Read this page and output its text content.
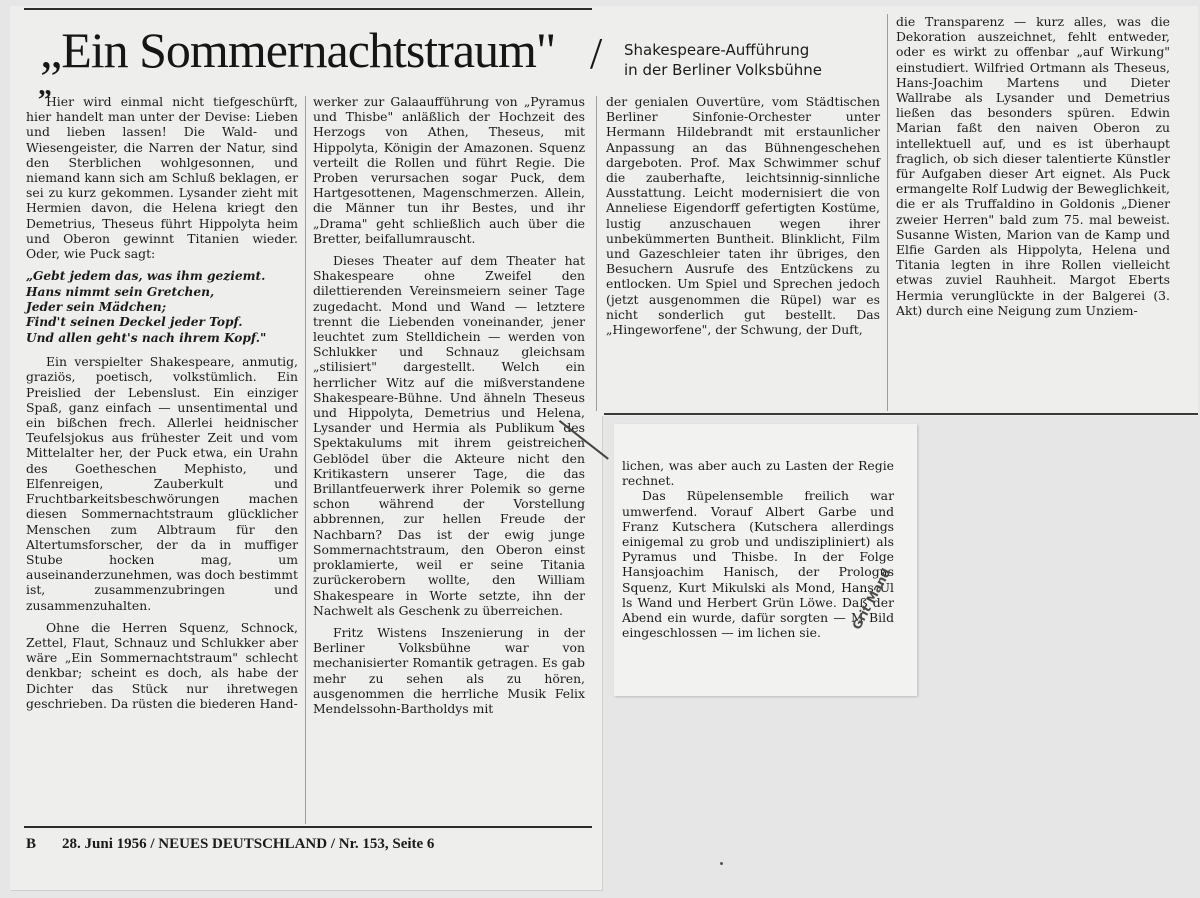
„Ein Sommernachtstraum" / Shakespeare-Aufführung
in der Berliner Volksbühne
„

Hier wird einmal nicht tiefgeschürft, hier handelt man unter der Devise: Lieben und lieben lassen! Die Wald- und Wiesengeister, die Narren der Natur, sind den Sterblichen wohlgesonnen, und niemand kann sich am Schluß beklagen, er sei zu kurz gekommen. Lysander zieht mit Hermien davon, die Helena kriegt den Demetrius, Theseus führt Hippolyta heim und Oberon gewinnt Titanien wieder. Oder, wie Puck sagt:

„Gebt jedem das, was ihm geziemt.
Hans nimmt sein Gretchen,
Jeder sein Mädchen;
Find't seinen Deckel jeder Topf.
Und allen geht's nach ihrem Kopf."

Ein verspielter Shakespeare, anmutig, graziös, poetisch, volkstümlich. Ein Preislied der Lebenslust. Ein einziger Spaß, ganz einfach — unsentimental und ein bißchen frech. Allerlei heidnischer Teufelsjokus aus frühester Zeit und vom Mittelalter her, der Puck etwa, ein Urahn des Goetheschen Mephisto, und Elfenreigen, Zauberkult und Fruchtbarkeitsbeschwörungen machen diesen Sommernachtstraum glücklicher Menschen zum Albtraum für den Altertumsforscher, der da in muffiger Stube hocken mag, um auseinanderzunehmen, was doch bestimmt ist, zusammenzubringen und zusammenzuhalten.

Ohne die Herren Squenz, Schnock, Zettel, Flaut, Schnauz und Schlukker aber wäre „Ein Sommernachtstraum" schlecht denkbar; scheint es doch, als habe der Dichter das Stück nur ihretwegen geschrieben. Da rüsten die biederen Hand-

werker zur Galaaufführung von „Pyramus und Thisbe" anläßlich der Hochzeit des Herzogs von Athen, Theseus, mit Hippolyta, Königin der Amazonen. Squenz verteilt die Rollen und führt Regie. Die Proben verursachen sogar Puck, dem Hartgesottenen, Magenschmerzen. Allein, die Männer tun ihr Bestes, und ihr „Drama" geht schließlich auch über die Bretter, beifallumrauscht.

Dieses Theater auf dem Theater hat Shakespeare ohne Zweifel den dilettierenden Vereinsmeiern seiner Tage zugedacht. Mond und Wand — letztere trennt die Liebenden voneinander, jener leuchtet zum Stelldichein — werden von Schlukker und Schnauz gleichsam „stilisiert" dargestellt. Welch ein herrlicher Witz auf die mißverstandene Shakespeare-Bühne. Und ähneln Theseus und Hippolyta, Demetrius und Helena, Lysander und Hermia als Publikum des Spektakulums mit ihrem geistreichen Geblödel über die Akteure nicht den Kritikastern unserer Tage, die das Brillantfeuerwerk ihrer Polemik so gerne schon während der Vorstellung abbrennen, zur hellen Freude der Nachbarn? Das ist der ewig junge Sommernachtstraum, den Oberon einst proklamierte, weil er seine Titania zurückerobern wollte, den William Shakespeare in Worte setzte, ihn der Nachwelt als Geschenk zu überreichen.

Fritz Wistens Inszenierung in der Berliner Volksbühne war von mechanisierter Romantik getragen. Es gab mehr zu sehen als zu hören, ausgenommen die herrliche Musik Felix Mendelssohn-Bartholdys mit

der genialen Ouvertüre, vom Städtischen Berliner Sinfonie-Orchester unter Hermann Hildebrandt mit erstaunlicher Anpassung an das Bühnengeschehen dargeboten. Prof. Max Schwimmer schuf die zauberhafte, leichtsinnig-sinnliche Ausstattung. Leicht modernisiert die von Anneliese Eigendorff gefertigten Kostüme, lustig anzuschauen wegen ihrer unbekümmerten Buntheit. Blinklicht, Film und Gazeschleier taten ihr übriges, den Besuchern Ausrufe des Entzückens zu entlocken. Um Spiel und Sprechen jedoch (jetzt ausgenommen die Rüpel) war es nicht sonderlich gut bestellt. Das „Hingeworfene", der Schwung, der Duft,

die Transparenz — kurz alles, was die Dekoration auszeichnet, fehlt entweder, oder es wirkt zu offenbar „auf Wirkung" einstudiert. Wilfried Ortmann als Theseus, Hans-Joachim Martens und Dieter Wallrabe als Lysander und Demetrius ließen das besonders spüren. Edwin Marian faßt den naiven Oberon zu intellektuell auf, und es ist überhaupt fraglich, ob sich dieser talentierte Künstler für Aufgaben dieser Art eignet. Als Puck ermangelte Rolf Ludwig der Beweglichkeit, die er als Truffaldino in Goldonis „Diener zweier Herren" bald zum 75. mal beweist. Susanne Wisten, Marion van de Kamp und Elfie Garden als Hippolyta, Helena und Titania legten in ihre Rollen vielleicht etwas zuviel Rauhheit. Margot Eberts Hermia verunglückte in der Balgerei (3. Akt) durch eine Neigung zum Unziem-

lichen, was aber auch zu Lasten der Regie rechnet.

Das Rüpelensemble freilich war umwerfend. Vorauf Albert Garbe und Franz Kutschera (Kutschera allerdings einigemal zu grob und undiszipliniert) als Pyramus und Thisbe. In der Folge Hansjoachim Hanisch, der Prologus Squenz, Kurt Mikulski als Mond, Hans Ul ls Wand und Herbert Grün Löwe. Daß der Abend ein wurde, dafür sorgten — M Bild eingeschlossen — im lichen sie.

Grit Mand
B 28. Juni 1956 / NEUES DEUTSCHLAND / Nr. 153, Seite 6
